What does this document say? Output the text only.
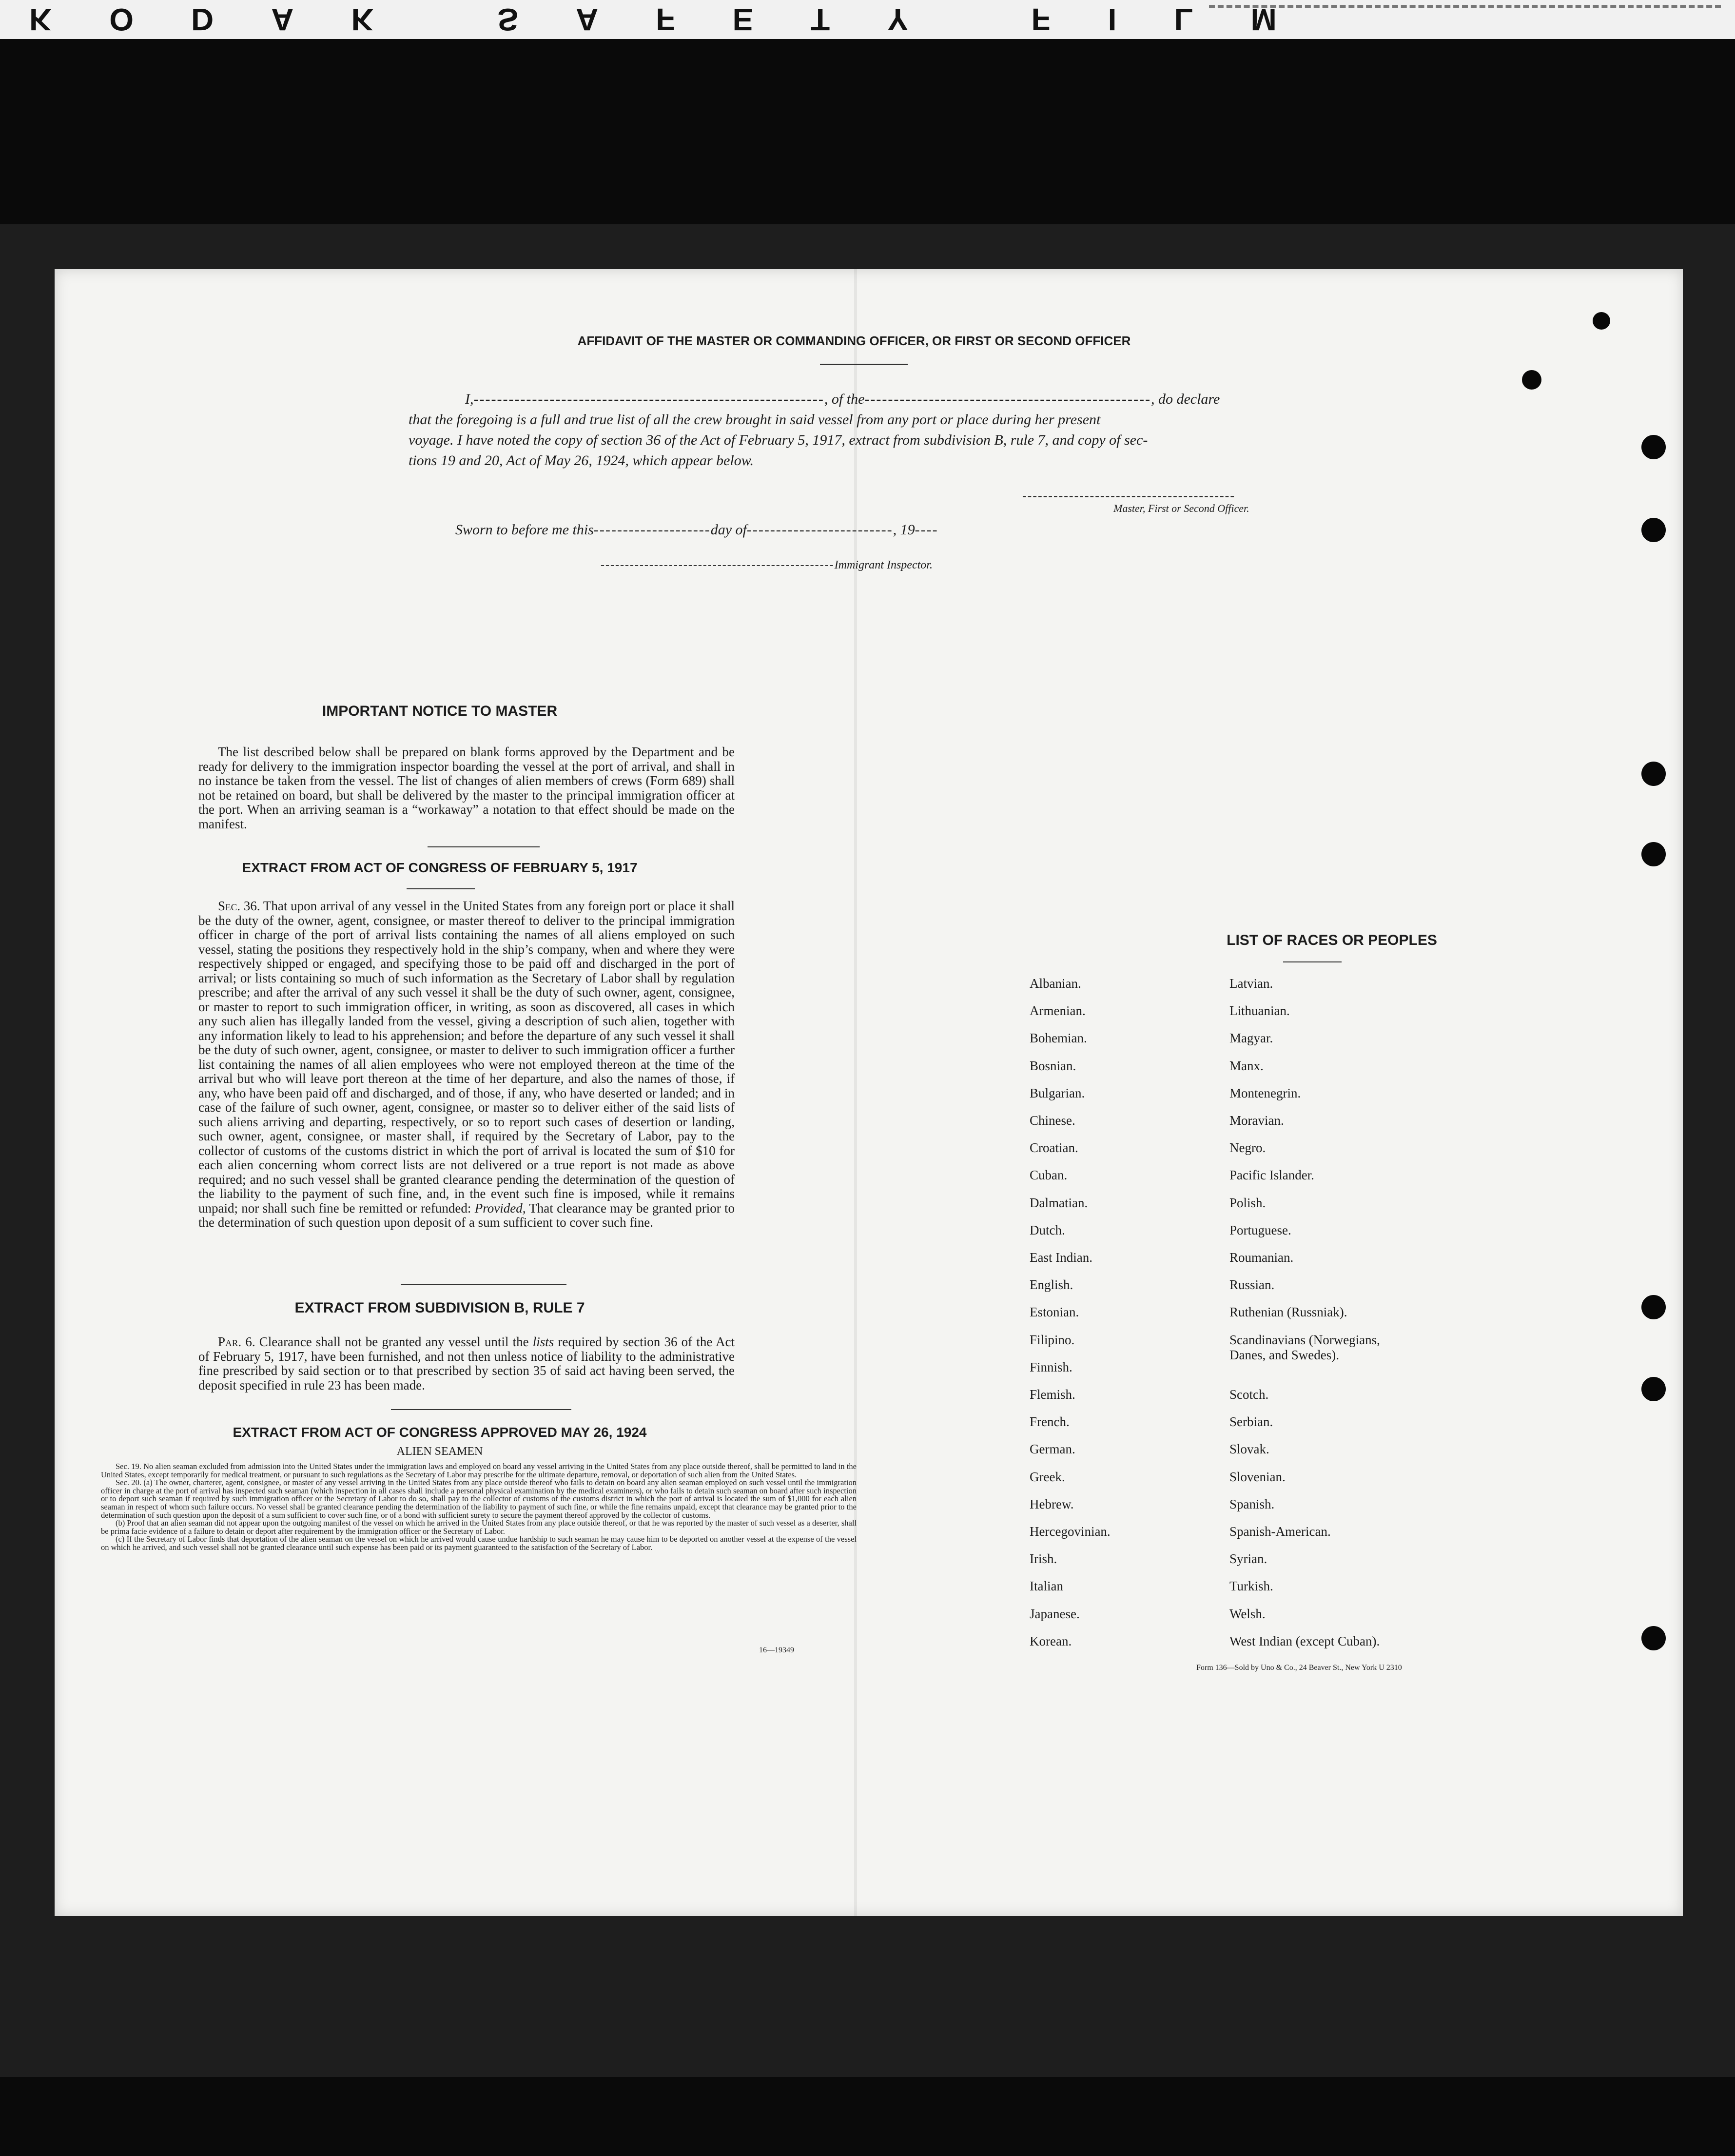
KODAK SAFETY FILM
AFFIDAVIT OF THE MASTER OR COMMANDING OFFICER, OR FIRST OR SECOND OFFICER
I,------------------------------------------------------------, of the-------------------------------------------------, do declare
that the foregoing is a full and true list of all the crew brought in said vessel from any port or place during her present
voyage. I have noted the copy of section 36 of the Act of February 5, 1917, extract from subdivision B, rule 7, and copy of sec-
tions 19 and 20, Act of May 26, 1924, which appear below.
-----------------------------------------
Master, First or Second Officer.
Sworn to before me this--------------------day of-------------------------, 19----
------------------------------------------------Immigrant Inspector.
IMPORTANT NOTICE TO MASTER

The list described below shall be prepared on blank forms approved by the Department and be ready for delivery to the immigration inspector boarding the vessel at the port of arrival, and shall in no instance be taken from the vessel. The list of changes of alien members of crews (Form 689) shall not be retained on board, but shall be delivered by the master to the principal immigration officer at the port. When an arriving seaman is a “workaway” a notation to that effect should be made on the manifest.

EXTRACT FROM ACT OF CONGRESS OF FEBRUARY 5, 1917

Sec. 36. That upon arrival of any vessel in the United States from any foreign port or place it shall be the duty of the owner, agent, consignee, or master thereof to deliver to the principal immigration officer in charge of the port of arrival lists containing the names of all aliens employed on such vessel, stating the positions they respectively hold in the ship’s company, when and where they were respectively shipped or engaged, and specifying those to be paid off and discharged in the port of arrival; or lists containing so much of such information as the Secretary of Labor shall by regulation prescribe; and after the arrival of any such vessel it shall be the duty of such owner, agent, consignee, or master to report to such immigration officer, in writing, as soon as discovered, all cases in which any such alien has illegally landed from the vessel, giving a description of such alien, together with any information likely to lead to his apprehension; and before the departure of any such vessel it shall be the duty of such owner, agent, consignee, or master to deliver to such immigration officer a further list containing the names of all alien employees who were not employed thereon at the time of the arrival but who will leave port thereon at the time of her departure, and also the names of those, if any, who have been paid off and discharged, and of those, if any, who have deserted or landed; and in case of the failure of such owner, agent, consignee, or master so to deliver either of the said lists of such aliens arriving and departing, respectively, or so to report such cases of desertion or landing, such owner, agent, consignee, or master shall, if required by the Secretary of Labor, pay to the collector of customs of the customs district in which the port of arrival is located the sum of $10 for each alien concerning whom correct lists are not delivered or a true report is not made as above required; and no such vessel shall be granted clearance pending the determination of the question of the liability to the payment of such fine, and, in the event such fine is imposed, while it remains unpaid; nor shall such fine be remitted or refunded: Provided, That clearance may be granted prior to the determination of such question upon deposit of a sum sufficient to cover such fine.

EXTRACT FROM SUBDIVISION B, RULE 7

Par. 6. Clearance shall not be granted any vessel until the lists required by section 36 of the Act of February 5, 1917, have been furnished, and not then unless notice of liability to the administrative fine prescribed by said section or to that prescribed by section 35 of said act having been served, the deposit specified in rule 23 has been made.

EXTRACT FROM ACT OF CONGRESS APPROVED MAY 26, 1924
ALIEN SEAMEN

Sec. 19. No alien seaman excluded from admission into the United States under the immigration laws and employed on board any vessel arriving in the United States from any place outside thereof, shall be permitted to land in the United States, except temporarily for medical treatment, or pursuant to such regulations as the Secretary of Labor may prescribe for the ultimate departure, removal, or deportation of such alien from the United States.

Sec. 20. (a) The owner, charterer, agent, consignee, or master of any vessel arriving in the United States from any place outside thereof who fails to detain on board any alien seaman employed on such vessel until the immigration officer in charge at the port of arrival has inspected such seaman (which inspection in all cases shall include a personal physical examination by the medical examiners), or who fails to detain such seaman on board after such inspection or to deport such seaman if required by such immigration officer or the Secretary of Labor to do so, shall pay to the collector of customs of the customs district in which the port of arrival is located the sum of $1,000 for each alien seaman in respect of whom such failure occurs. No vessel shall be granted clearance pending the determination of the liability to payment of such fine, or while the fine remains unpaid, except that clearance may be granted prior to the determination of such question upon the deposit of a sum sufficient to cover such fine, or of a bond with sufficient surety to secure the payment thereof approved by the collector of customs.

(b) Proof that an alien seaman did not appear upon the outgoing manifest of the vessel on which he arrived in the United States from any place outside thereof, or that he was reported by the master of such vessel as a deserter, shall be prima facie evidence of a failure to detain or deport after requirement by the immigration officer or the Secretary of Labor.

(c) If the Secretary of Labor finds that deportation of the alien seaman on the vessel on which he arrived would cause undue hardship to such seaman he may cause him to be deported on another vessel at the expense of the vessel on which he arrived, and such vessel shall not be granted clearance until such expense has been paid or its payment guaranteed to the satisfaction of the Secretary of Labor.

16—19349
LIST OF RACES OR PEOPLES
Albanian.
Armenian.
Bohemian.
Bosnian.
Bulgarian.
Chinese.
Croatian.
Cuban.
Dalmatian.
Dutch.
East Indian.
English.
Estonian.
Filipino.
Finnish.
Flemish.
French.
German.
Greek.
Hebrew.
Hercegovinian.
Irish.
Italian
Japanese.
Korean.
Latvian.
Lithuanian.
Magyar.
Manx.
Montenegrin.
Moravian.
Negro.
Pacific Islander.
Polish.
Portuguese.
Roumanian.
Russian.
Ruthenian (Russniak).
Scandinavians (Norwegians,
Danes, and Swedes).
Scotch.
Serbian.
Slovak.
Slovenian.
Spanish.
Spanish-American.
Syrian.
Turkish.
Welsh.
West Indian (except Cuban).
Form 136—Sold by Uno & Co., 24 Beaver St., New York U 2310
